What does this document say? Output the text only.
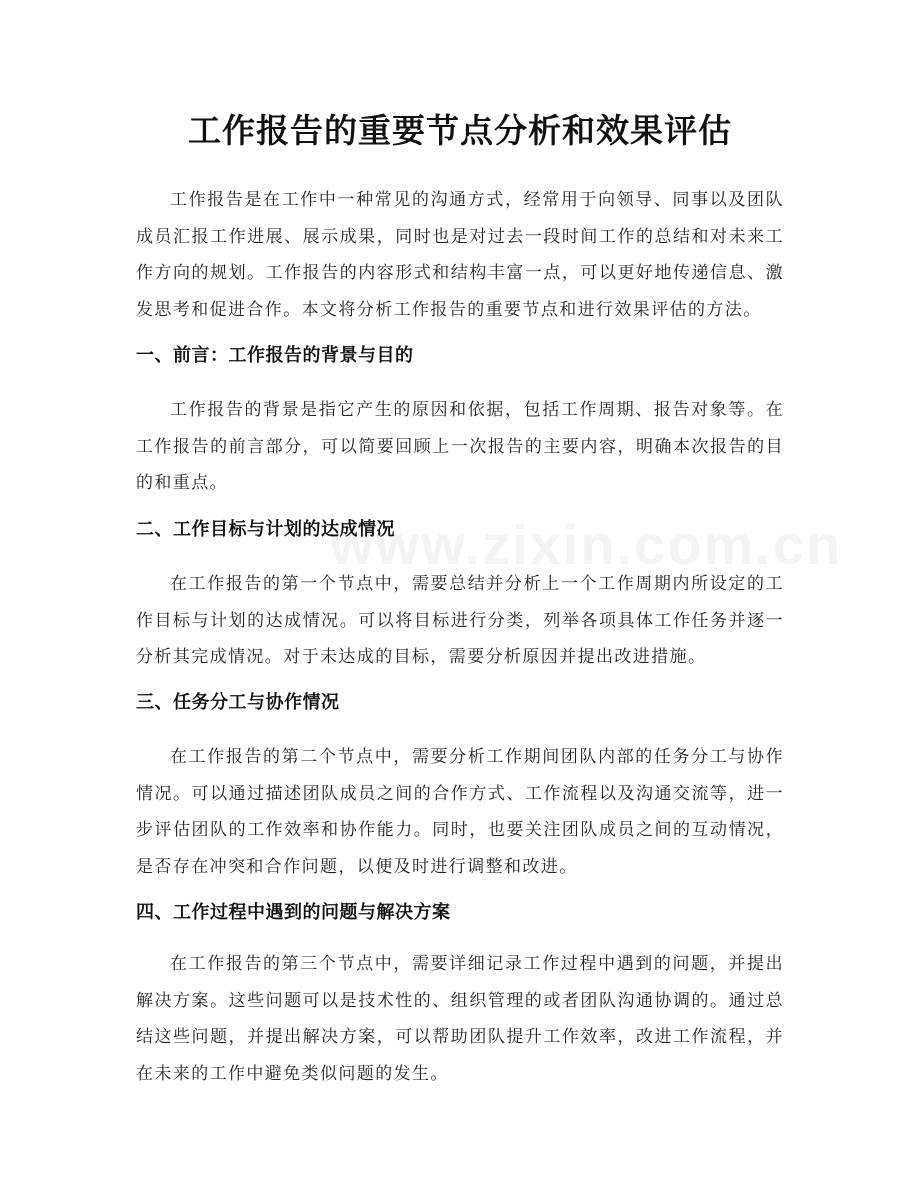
www.zixin.com.cn
工作报告的重要节点分析和效果评估

工作报告是在工作中一种常见的沟通方式，经常用于向领导、同事以及团队成员汇报工作进展、展示成果，同时也是对过去一段时间工作的总结和对未来工作方向的规划。工作报告的内容形式和结构丰富一点，可以更好地传递信息、激发思考和促进合作。本文将分析工作报告的重要节点和进行效果评估的方法。

一、前言：工作报告的背景与目的

工作报告的背景是指它产生的原因和依据，包括工作周期、报告对象等。在工作报告的前言部分，可以简要回顾上一次报告的主要内容，明确本次报告的目的和重点。

二、工作目标与计划的达成情况

在工作报告的第一个节点中，需要总结并分析上一个工作周期内所设定的工作目标与计划的达成情况。可以将目标进行分类，列举各项具体工作任务并逐一分析其完成情况。对于未达成的目标，需要分析原因并提出改进措施。

三、任务分工与协作情况

在工作报告的第二个节点中，需要分析工作期间团队内部的任务分工与协作情况。可以通过描述团队成员之间的合作方式、工作流程以及沟通交流等，进一步评估团队的工作效率和协作能力。同时，也要关注团队成员之间的互动情况，是否存在冲突和合作问题，以便及时进行调整和改进。

四、工作过程中遇到的问题与解决方案

在工作报告的第三个节点中，需要详细记录工作过程中遇到的问题，并提出解决方案。这些问题可以是技术性的、组织管理的或者团队沟通协调的。通过总结这些问题，并提出解决方案，可以帮助团队提升工作效率，改进工作流程，并在未来的工作中避免类似问题的发生。
